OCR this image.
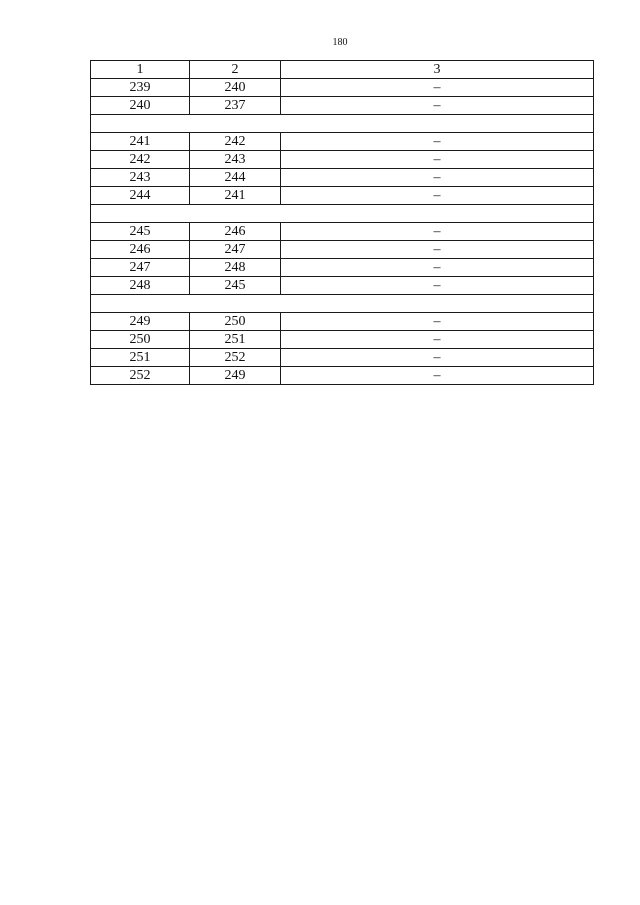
180
1	2	3
239	240	–
240	237	–

241	242	–
242	243	–
243	244	–
244	241	–

245	246	–
246	247	–
247	248	–
248	245	–

249	250	–
250	251	–
251	252	–
252	249	–
